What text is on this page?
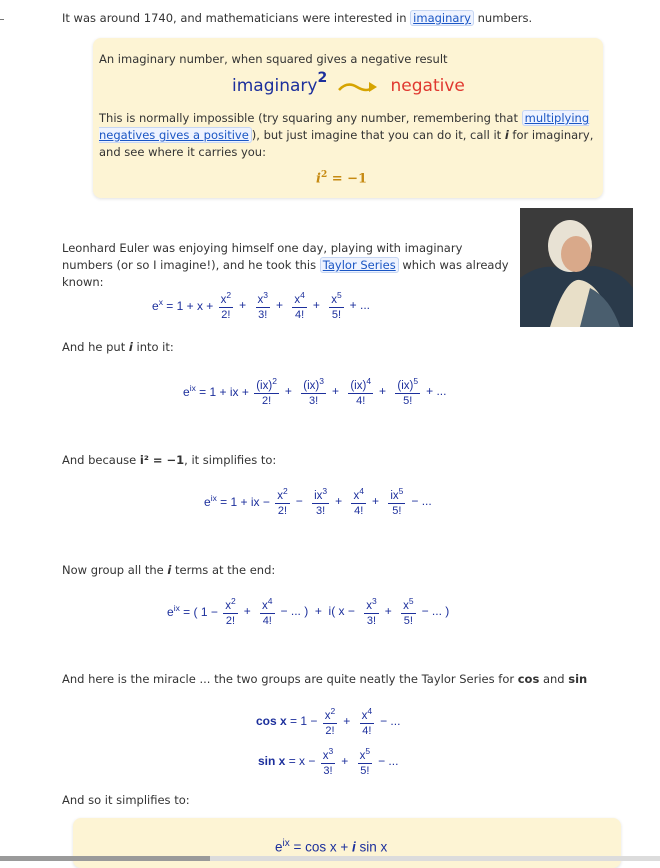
It was around 1740, and mathematicians were interested in imaginary numbers.

An imaginary number, when squared gives a negative result

imaginary$^2$	negative

This is normally impossible (try squaring any number, remembering that multiplying negatives gives a positive ), but just imagine that you can do it, call it i for imaginary, and see where it carries you:

$i^2 = -1$

Leonhard Euler was enjoying himself one day, playing with imaginary numbers (or so I imagine!), and he took this Taylor Series which was already known:

$e^x = 1 + x + \frac{x^2}{2!} + \frac{x^3}{3!} + \frac{x^4}{4!} + \frac{x^5}{5!}$ + ...

And he put i into it:

$e^{ix} = 1$ + ix + $\frac{(ix)^2}{2!} + \frac{(ix)^3}{3!} + \frac{(ix)^4}{4!} + \frac{(ix)^5}{5!}$ + ...

And because i² = −1, it simplifies to:

$e^{ix} = 1$ + ix − $\frac{x^2}{2!} - \frac{ix^3}{3!} + \frac{x^4}{4!} + \frac{ix^5}{5!}$ − ...

Now group all the i terms at the end:

$e^{ix}$ = ( $1 - \frac{x^2}{2!} + \frac{x^4}{4!}$ − ... )  +  i( $x - \frac{x^3}{3!} + \frac{x^5}{5!}$ − ... )

And here is the miracle ... the two groups are quite neatly the Taylor Series for cos and sin

$\cos x = 1 - \frac{x^2}{2!} + \frac{x^4}{4!}$ − ...
$\sin x = x - \frac{x^3}{3!} + \frac{x^5}{5!}$ − ...

And so it simplifies to:

$e^{ix} = \cos x + i$ sin x
